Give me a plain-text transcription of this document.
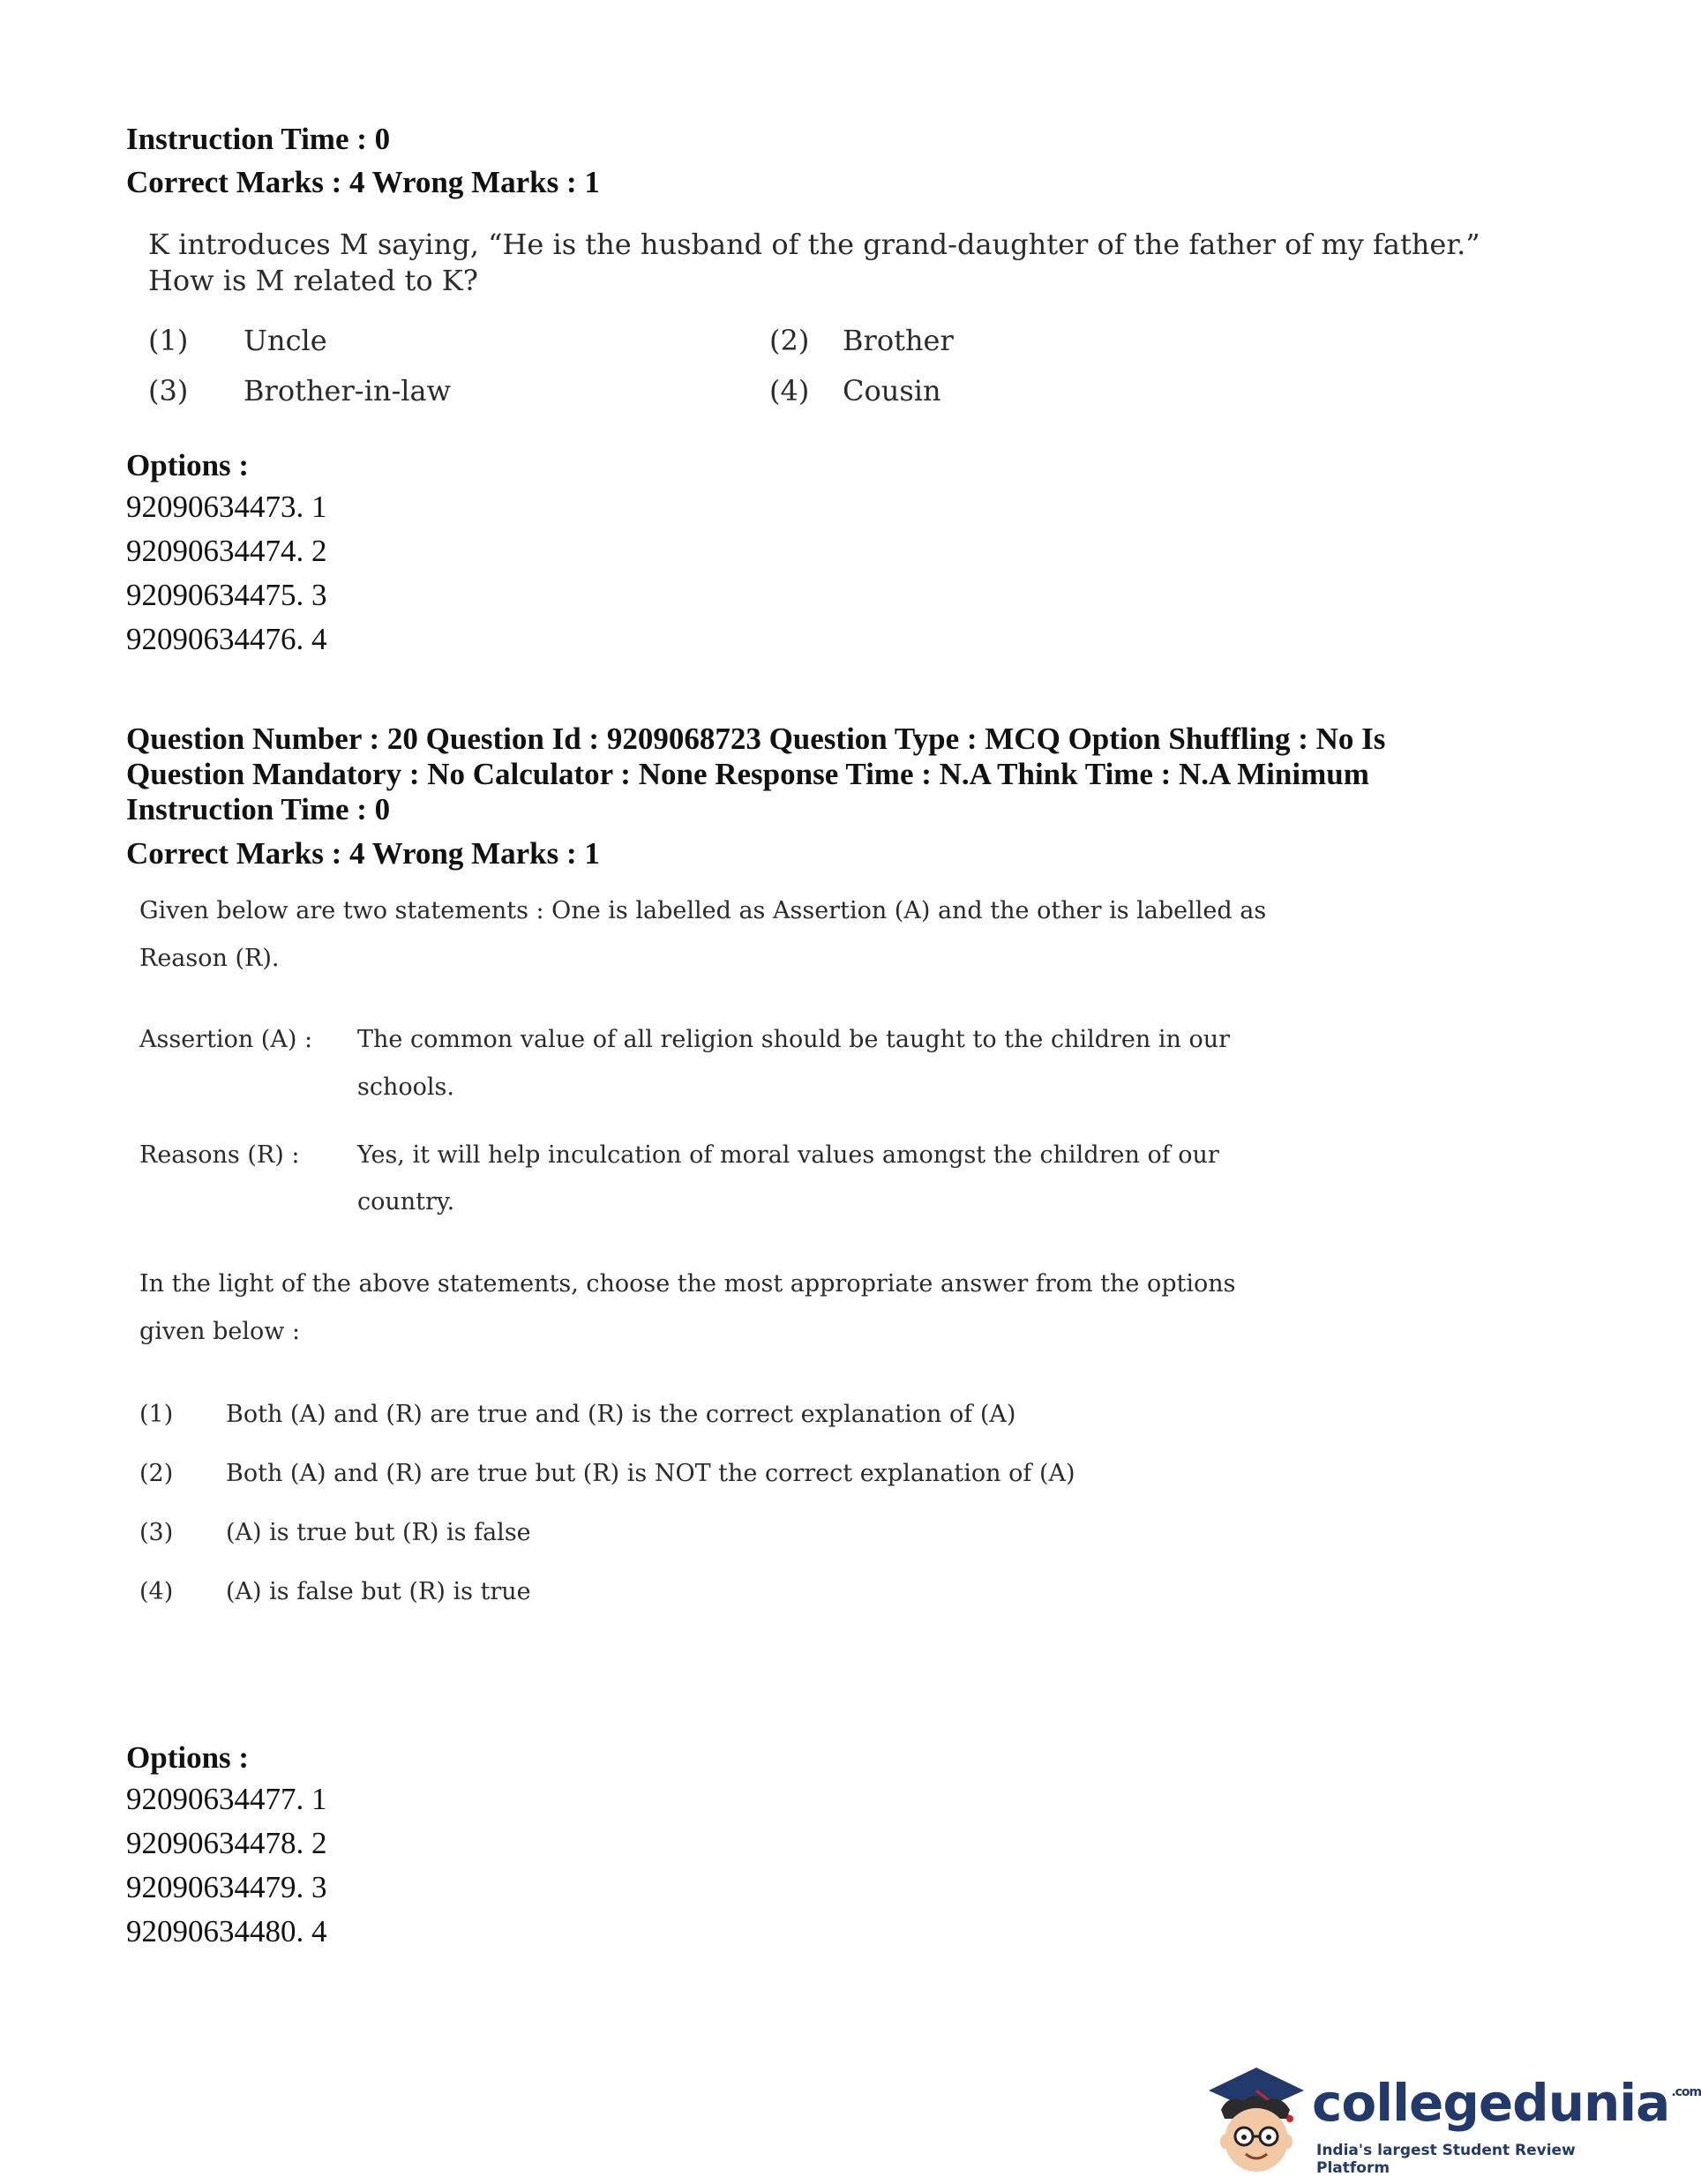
Instruction Time : 0
Correct Marks : 4 Wrong Marks : 1
K introduces M saying, “He is the husband of the grand-daughter of the father of my father.”
How is M related to K?
(1) Uncle	(2) Brother
(3) Brother-in-law	(4) Cousin
Options :
92090634473. 1
92090634474. 2
92090634475. 3
92090634476. 4
Question Number : 20 Question Id : 9209068723 Question Type : MCQ Option Shuffling : No Is
Question Mandatory : No Calculator : None Response Time : N.A Think Time : N.A Minimum
Instruction Time : 0
Correct Marks : 4 Wrong Marks : 1
Given below are two statements : One is labelled as Assertion (A) and the other is labelled as
Reason (R).
Assertion (A) : The common value of all religion should be taught to the children in our
schools.
Reasons (R) : Yes, it will help inculcation of moral values amongst the children of our
country.
In the light of the above statements, choose the most appropriate answer from the options
given below :
(1) Both (A) and (R) are true and (R) is the correct explanation of (A)
(2) Both (A) and (R) are true but (R) is NOT the correct explanation of (A)
(3) (A) is true but (R) is false
(4) (A) is false but (R) is true
Options :
92090634477. 1
92090634478. 2
92090634479. 3
92090634480. 4
collegedunia $^{.com}$
India's largest Student Review Platform
